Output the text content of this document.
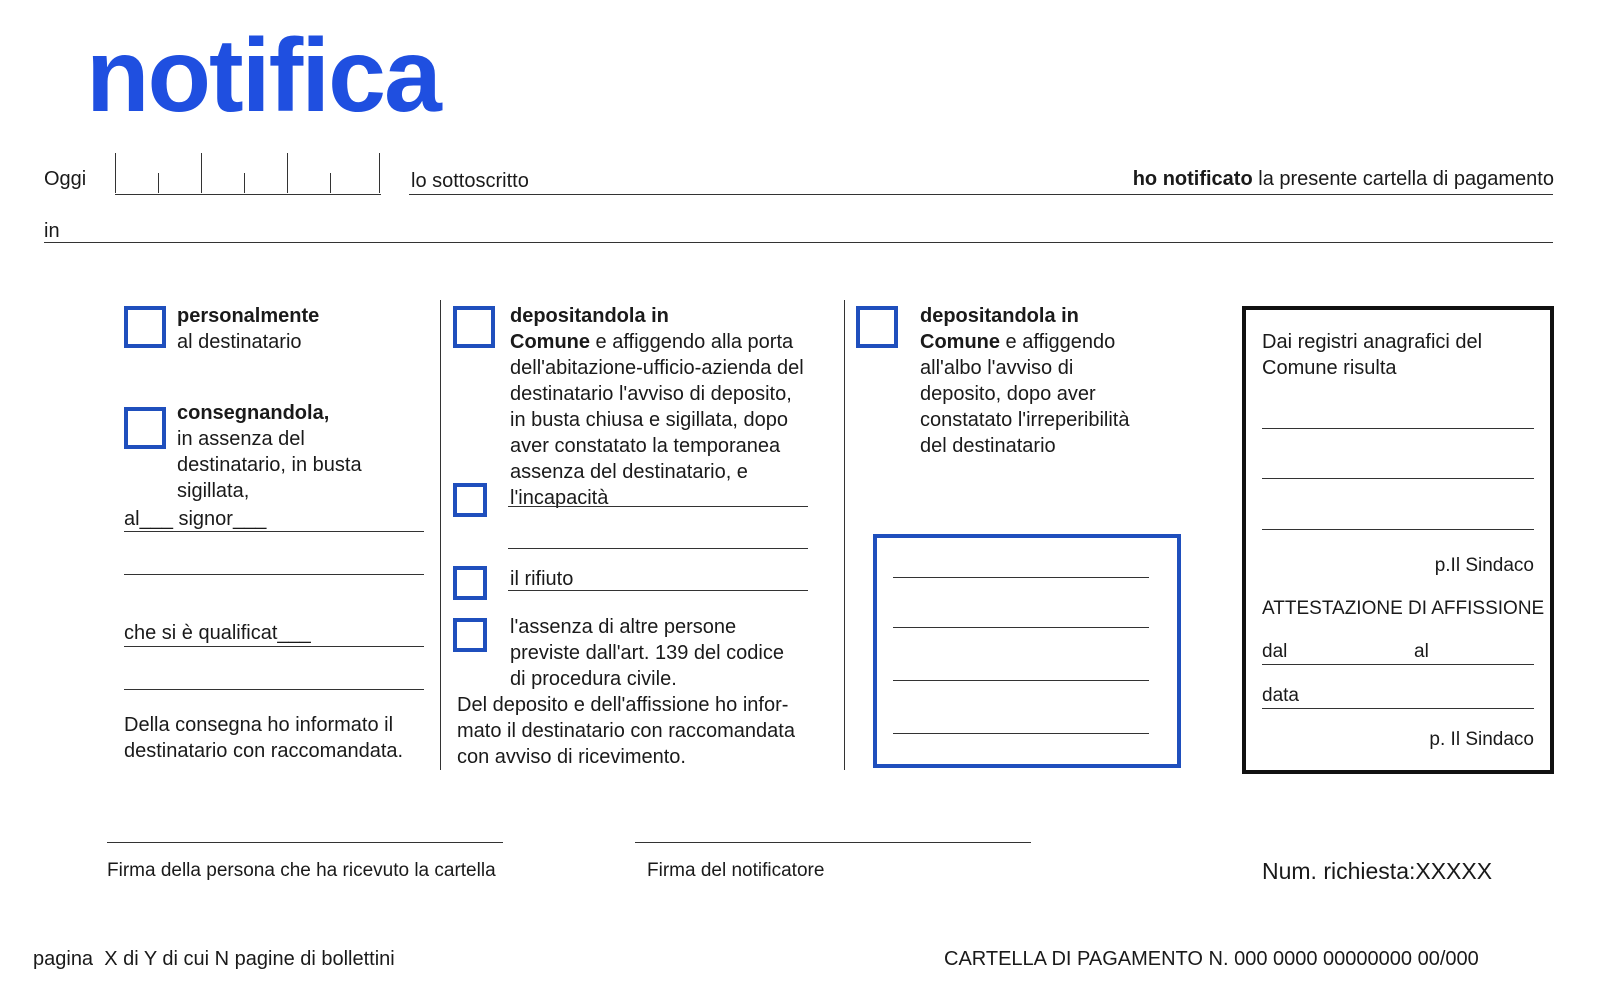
notifica
Oggi	lo sottoscritto	ho notificato la presente cartella di pagamento
in
personalmente
al destinatario
consegnandola,
in assenza del
destinatario, in busta
sigillata,
al___ signor___
che si è qualificat___
Della consegna ho informato il
destinatario con raccomandata.
depositandola in
Comune e affiggendo alla porta
dell'abitazione-ufficio-azienda del
destinatario l'avviso di deposito,
in busta chiusa e sigillata, dopo
aver constatato la temporanea
assenza del destinatario, e
l'incapacità
il rifiuto
l'assenza di altre persone
previste dall'art. 139 del codice
di procedura civile.
Del deposito e dell'affissione ho infor-
mato il destinatario con raccomandata
con avviso di ricevimento.
depositandola in
Comune e affiggendo
all'albo l'avviso di
deposito, dopo aver
constatato l'irreperibilità
del destinatario
Dai registri anagrafici del
Comune risulta
p.Il Sindaco
ATTESTAZIONE DI AFFISSIONE
dal	al
data
p. Il Sindaco
Firma della persona che ha ricevuto la cartella	Firma del notificatore	Num. richiesta:XXXXX
pagina X di Y di cui N pagine di bollettini	CARTELLA DI PAGAMENTO N. 000 0000 00000000 00/000
